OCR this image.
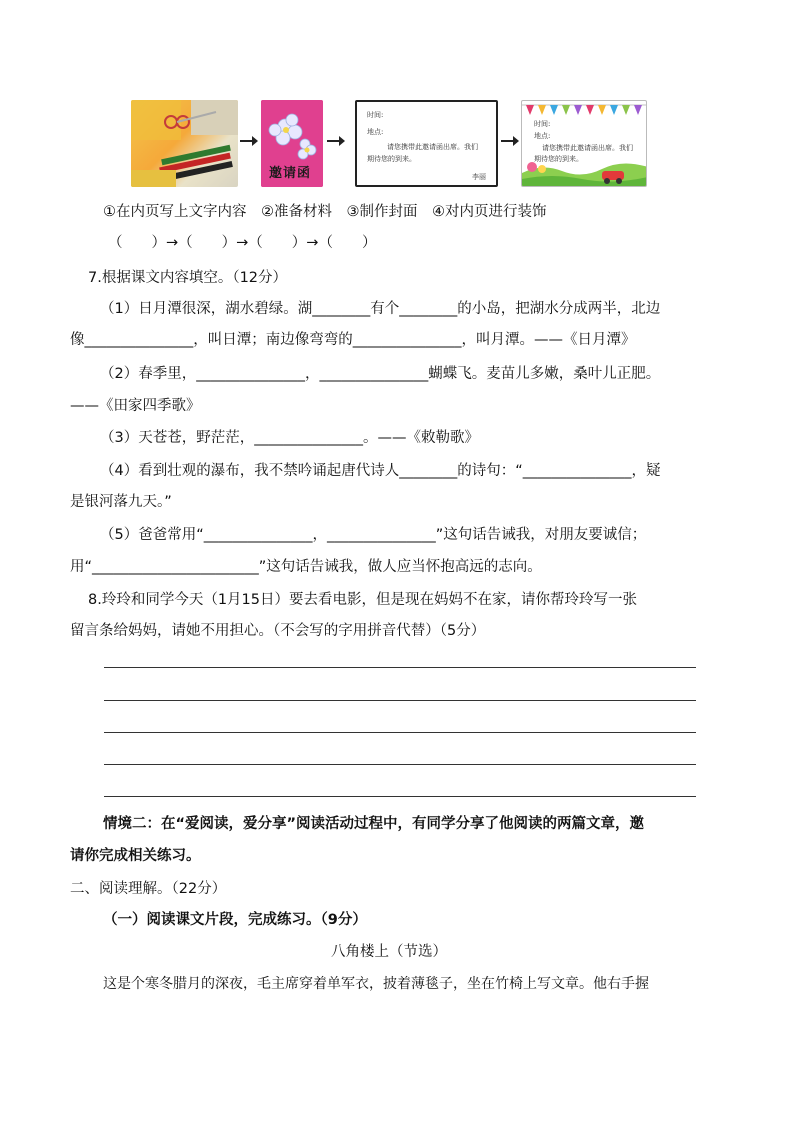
邀请函
时间:
地点:
请您携带此邀请函出席。我们
期待您的到来。
李丽
时间:
地点:
请您携带此邀请函出席。我们
期待您的到来。
①在内页写上文字内容　②准备材料　③制作封面　④对内页进行装饰
（　　）→（　　）→（　　）→（　　）
7.根据课文内容填空。（12分）
（1）日月潭很深，湖水碧绿。湖________有个________的小岛，把湖水分成两半，北边
像_______________，叫日潭；南边像弯弯的_______________，叫月潭。——《日月潭》
（2）春季里，_______________，_______________蝴蝶飞。麦苗儿多嫩，桑叶儿正肥。
——《田家四季歌》
（3）天苍苍，野茫茫，_______________。——《敕勒歌》
（4）看到壮观的瀑布，我不禁吟诵起唐代诗人________的诗句：“_______________，疑
是银河落九天。”
（5）爸爸常用“_______________，_______________”这句话告诫我，对朋友要诚信；
用“_______________________”这句话告诫我，做人应当怀抱高远的志向。
8.玲玲和同学今天（1月15日）要去看电影，但是现在妈妈不在家，请你帮玲玲写一张
留言条给妈妈，请她不用担心。（不会写的字用拼音代替）（5分）
情境二：在“爱阅读，爱分享”阅读活动过程中，有同学分享了他阅读的两篇文章，邀
请你完成相关练习。
二、阅读理解。（22分）
（一）阅读课文片段，完成练习。（9分）
八角楼上（节选）
这是个寒冬腊月的深夜，毛主席穿着单军衣，披着薄毯子，坐在竹椅上写文章。他右手握
